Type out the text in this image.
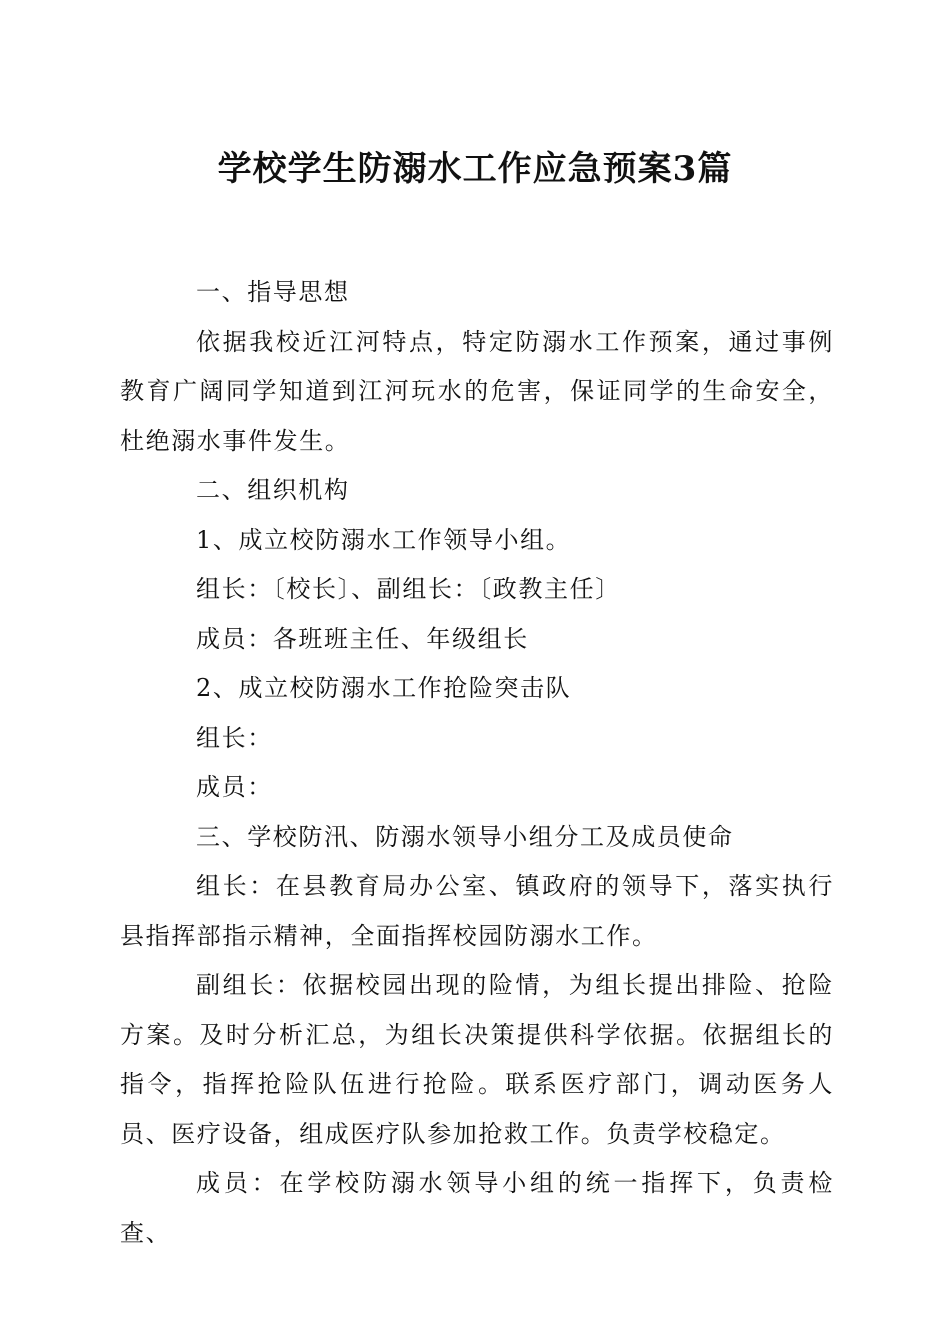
学校学生防溺水工作应急预案3篇

一、指导思想

依据我校近江河特点，特定防溺水工作预案，通过事例教育广阔同学知道到江河玩水的危害，保证同学的生命安全，杜绝溺水事件发生。

二、组织机构

1、成立校防溺水工作领导小组。

组长：〔校长〕、副组长：〔政教主任〕

成员：各班班主任、年级组长

2、成立校防溺水工作抢险突击队

组长：

成员：

三、学校防汛、防溺水领导小组分工及成员使命

组长：在县教育局办公室、镇政府的领导下，落实执行县指挥部指示精神，全面指挥校园防溺水工作。

副组长：依据校园出现的险情，为组长提出排险、抢险方案。及时分析汇总，为组长决策提供科学依据。依据组长的指令，指挥抢险队伍进行抢险。联系医疗部门，调动医务人员、医疗设备，组成医疗队参加抢救工作。负责学校稳定。

成员：在学校防溺水领导小组的统一指挥下，负责检查、
